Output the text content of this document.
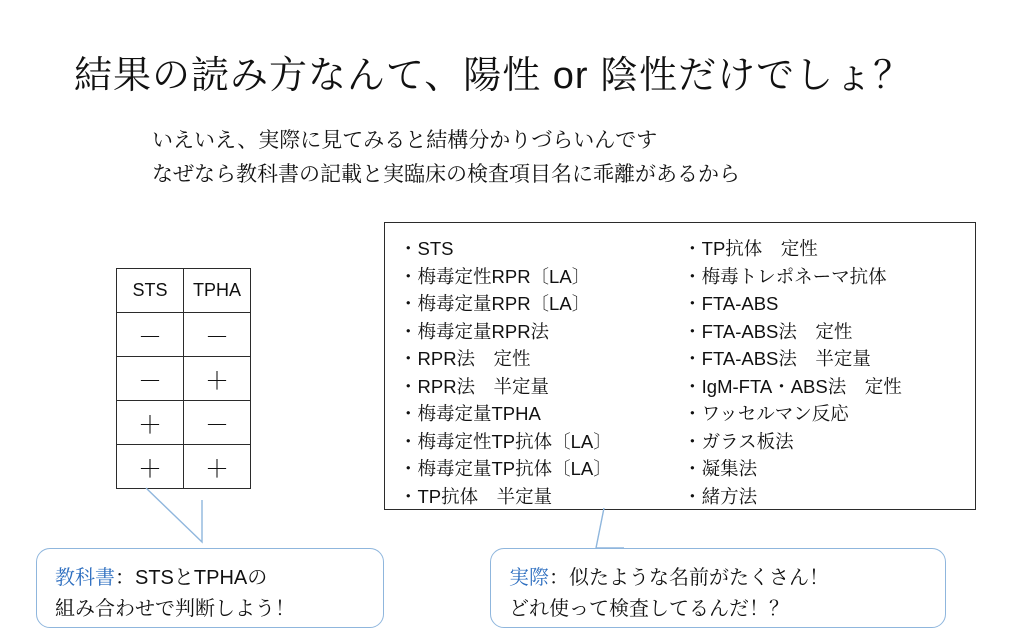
結果の読み方なんて、陽性 or 陰性だけでしょ？
いえいえ、実際に見てみると結構分かりづらいんです
なぜなら教科書の記載と実臨床の検査項目名に乖離があるから
STS	TPHA
－	－
－	＋
＋	－
＋	＋
・STS
・梅毒定性RPR〔LA〕
・梅毒定量RPR〔LA〕
・梅毒定量RPR法
・RPR法　定性
・RPR法　半定量
・梅毒定量TPHA
・梅毒定性TP抗体〔LA〕
・梅毒定量TP抗体〔LA〕
・TP抗体　半定量
・TP抗体　定性
・梅毒トレポネーマ抗体
・FTA-ABS
・FTA-ABS法　定性
・FTA-ABS法　半定量
・IgM-FTA・ABS法　定性
・ワッセルマン反応
・ガラス板法
・凝集法
・緒方法
教科書：STSとTPHAの
組み合わせで判断しよう！
実際：似たような名前がたくさん！
どれ使って検査してるんだ！？
